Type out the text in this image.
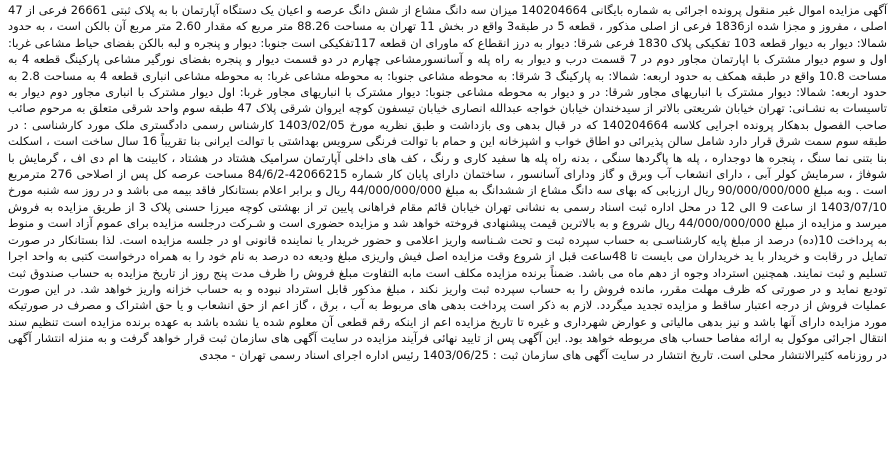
آگهی مزایده اموال غیر منقول پرونده اجرائی به شماره بایگانی 140204664 میزان سه دانگ مشاع از شش دانگ عرصه و اعیان یک دستگاه آپارتمان با به پلاک ثبتی 26661 فرعی از 47 اصلی ، مفروز و مجزا شده از1836 فرعی از اصلی مذکور ، قطعه 5 در طبقه3 واقع در بخش 11 تهران به مساحت 88.26 متر مربع که مقدار 2.60 متر مربع آن بالکن است ، به حدود شمالا: دیوار به دیوار قطعه 103 تفکیکی پلاک 1830 فرعی شرقا: دیوار به درز انقطاع که ماورای ان قطعه 117تفکیکی است جنوبا: دیوار و پنجره و لبه بالکن بفضای حیاط مشاعی غربا: اول و سوم دیوار مشترک با اپارتمان مجاور دوم در 7 قسمت درب و دیوار به راه پله و آسانسورمشاعی چهارم در دو قسمت دیوار و پنجره بفضای نورگیر مشاعی پارکینگ قطعه 4 به مساحت 10.8 واقع در طبقه همکف به حدود اربعه: شمالا: به پارکینگ 3 شرقا: به محوطه مشاعی جنوبا: به محوطه مشاعی غربا: به محوطه مشاعی انباری قطعه 4 به مساحت 2.8 به حدود اربعه: شمالا: دیوار مشترک با انباریهای مجاور شرقا: در و دیوار به محوطه مشاعی جنوبا: دیوار مشترک با انباریهای مجاور غربا: اول دیوار مشترک با انباری مجاور دوم دیوار به تاسیسات به نشـانی: تهران خیابان شریعتی بالاتر از سیدخندان خیابان خواجه عبدالله انصاری خیابان تیسفون کوچه ایروان شرقی پلاک 47 طبقه سوم واحد شرقی متعلق به مرحوم صائب صاحب الفصول بدهکار پرونده اجرایی کلاسه 140204664 که در قبال بدهی وی بازداشت و طبق نظریه مورخ 1403/02/05 کارشناس رسمی دادگستری ملک مورد کارشناسی : در طبقه سوم سمت شرق قرار دارد شامل سالن پذیرائی دو اطاق خواب و اشپزخانه این و حمام با توالت فرنگی سرویس بهداشتی با توالت ایرانی بنا تقریباً 16 سال ساخت است ، اسکلت بنا بتنی نما سنگ ، پنجره ها دوجداره ، پله ها پاگردها سنگی ، بدنه راه پله ها سفید کاری و رنگ ، کف های داخلی آپارتمان سرامیک هشتاد در هشتاد ، کابینت ها ام دی اف ، گرمایش با شوفاژ ، سرمایش کولر آبی ، دارای انشعاب آب وبرق و گاز ودارای آسانسور ، ساختمان دارای پایان کار شماره 42066215-84/6/2 مساحت عرصه کل پس از اصلاحی 276 مترمربع است . وبه مبلغ 90/000/000/000 ریال ارزیابی که بهای سه دانگ مشاع از ششدانگ به مبلغ 44/000/000/000 ریال و برابر اعلام بستانکار فاقد بیمه می باشد و در روز سه شنبه مورخ 1403/07/10 از ساعت 9 الی 12 در محل اداره ثبت اسناد رسمی به نشانی تهران خیابان قائم مقام فراهانی پایین تر از بهشتی کوچه میرزا حسنی پلاک 3 از طریق مزایده به فروش میرسد و مزایده از مبلغ 44/000/000/000 ریال شروع و به بالاترین قیمت پیشنهادی فروخته خواهد شد و مزایده حضوری است و شـرکت درجلسه مزایده برای عموم آزاد است و منوط به پرداخت 10(ده) درصد از مبلغ پایه کارشناسـی به حساب سپرده ثبت و تحت شـناسه واریز اعلامی و حضور خریدار یا نماینده قانونی او در جلسه مزایده است. لذا بستانکار در صورت تمایل در رقابت و خریدار با ید خریداران می بایست تا 48ساعت قبل از شروع وقت مزایده اصل فیش واریزی مبلغ ودیعه ده درصد به نام خود را به همراه درخواست کتبی به واحد اجرا تسلیم و ثبت نمایند. همچنین استرداد وجوه از دهم ماه می باشد. ضمناً برنده مزایده مکلف است مابه التفاوت مبلغ فروش را ظرف مدت پنج روز از تاریخ مزایده به حساب صندوق ثبت تودیع نماید و در صورتی که ظرف مهلت مقرر، مانده فروش را به حساب سپرده ثبت واریز نکند ، مبلغ مذکور قابل استرداد نبوده و به حساب خزانه واریز خواهد شد. در این صورت عملیات فروش از درجه اعتبار ساقط و مزایده تجدید میگردد. لازم به ذکر است پرداخت بدهی های مربوط به آب ، برق ، گاز اعم از حق انشعاب و یا حق اشتراک و مصرف در صورتیکه مورد مزایده دارای آنها باشد و نیز بدهی مالیاتی و عوارض شهرداری و غیره تا تاریخ مزایده اعم از اینکه رقم قطعی آن معلوم شده یا نشده باشد به عهده برنده مزایده است تنظیم سند انتقال اجرائی موکول به ارائه مفاصا حساب های مربوطه خواهد بود. این آگهی پس از تایید نهائی فرآیند مزایده در سایت آگهی های سازمان ثبت قرار خواهد گرفت و به منزله انتشار آگهی در روزنامه کثیرالانتشار محلی است. تاریخ انتشار در سایت آگهی های سازمان ثبت : 1403/06/25 رئیس اداره اجرای اسناد رسمی تهران - مجدی
